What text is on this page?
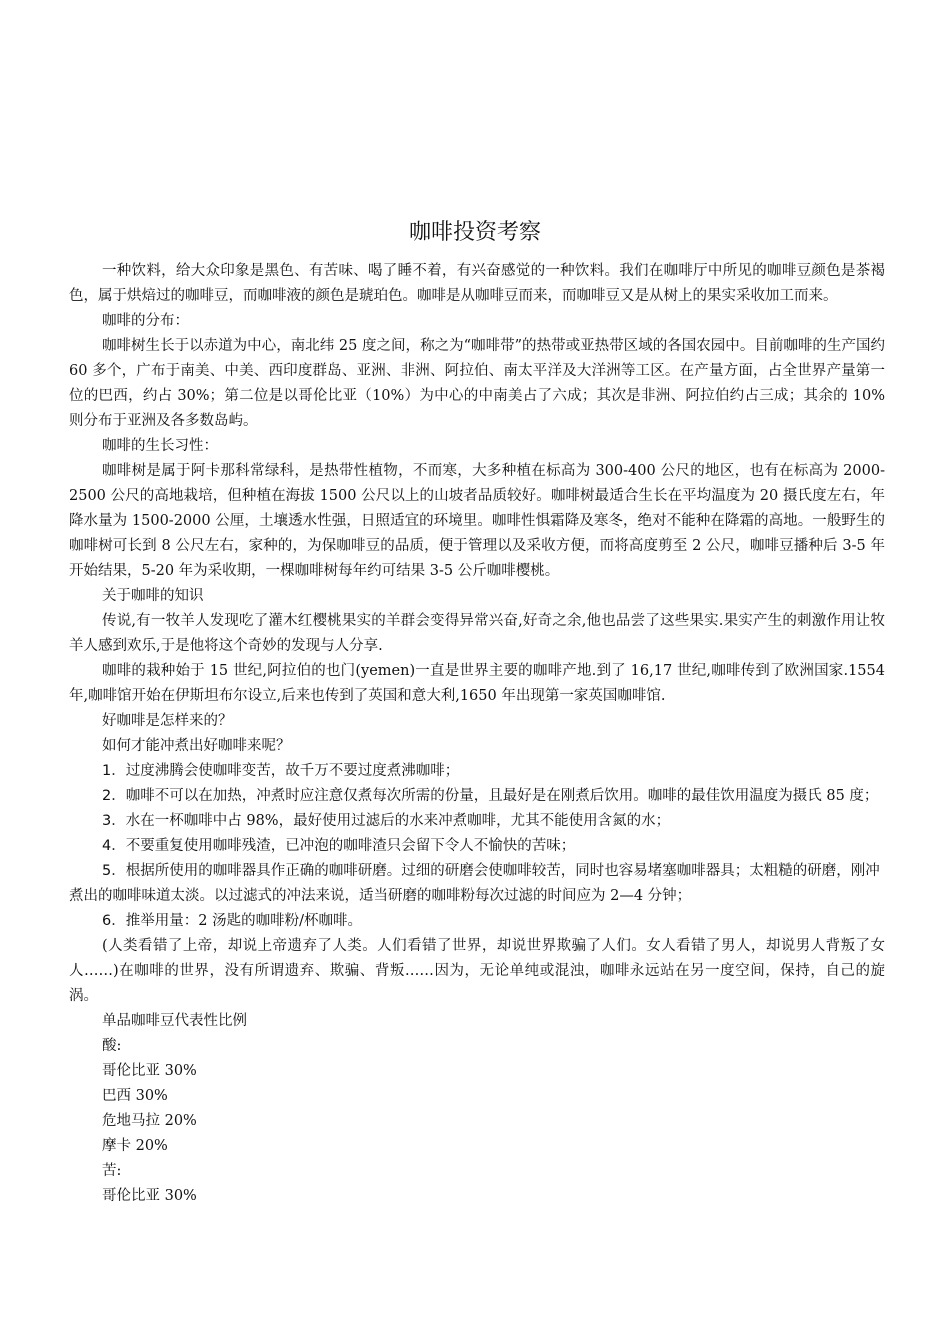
咖啡投资考察

一种饮料，给大众印象是黑色、有苦味、喝了睡不着，有兴奋感觉的一种饮料。我们在咖啡厅中所见的咖啡豆颜色是茶褐色，属于烘焙过的咖啡豆，而咖啡液的颜色是琥珀色。咖啡是从咖啡豆而来，而咖啡豆又是从树上的果实采收加工而来。

咖啡的分布：

咖啡树生长于以赤道为中心，南北纬 25 度之间，称之为“咖啡带”的热带或亚热带区域的各国农园中。目前咖啡的生产国约 60 多个，广布于南美、中美、西印度群岛、亚洲、非洲、阿拉伯、南太平洋及大洋洲等工区。在产量方面，占全世界产量第一位的巴西，约占 30%；第二位是以哥伦比亚（10%）为中心的中南美占了六成；其次是非洲、阿拉伯约占三成；其余的 10%则分布于亚洲及各多数岛屿。

咖啡的生长习性：

咖啡树是属于阿卡那科常绿科，是热带性植物，不而寒，大多种植在标高为 300-400 公尺的地区，也有在标高为 2000-2500 公尺的高地栽培，但种植在海拔 1500 公尺以上的山坡者品质较好。咖啡树最适合生长在平均温度为 20 摄氏度左右，年降水量为 1500-2000 公厘，土壤透水性强，日照适宜的环境里。咖啡性惧霜降及寒冬，绝对不能种在降霜的高地。一般野生的咖啡树可长到 8 公尺左右，家种的，为保咖啡豆的品质，便于管理以及采收方便，而将高度剪至 2 公尺，咖啡豆播种后 3-5 年开始结果，5-20 年为采收期，一棵咖啡树每年约可结果 3-5 公斤咖啡樱桃。

关于咖啡的知识

传说,有一牧羊人发现吃了灌木红樱桃果实的羊群会变得异常兴奋,好奇之余,他也品尝了这些果实.果实产生的刺激作用让牧羊人感到欢乐,于是他将这个奇妙的发现与人分享.

咖啡的栽种始于 15 世纪,阿拉伯的也门(yemen)一直是世界主要的咖啡产地.到了 16,17 世纪,咖啡传到了欧洲国家.1554 年,咖啡馆开始在伊斯坦布尔设立,后来也传到了英国和意大利,1650 年出现第一家英国咖啡馆.

好咖啡是怎样来的？

如何才能冲煮出好咖啡来呢？

1．过度沸腾会使咖啡变苦，故千万不要过度煮沸咖啡；

2．咖啡不可以在加热，冲煮时应注意仅煮每次所需的份量，且最好是在刚煮后饮用。咖啡的最佳饮用温度为摄氏 85 度；

3．水在一杯咖啡中占 98%，最好使用过滤后的水来冲煮咖啡，尤其不能使用含氮的水；

4．不要重复使用咖啡残渣，已冲泡的咖啡渣只会留下令人不愉快的苦味；

5．根据所使用的咖啡器具作正确的咖啡研磨。过细的研磨会使咖啡较苦，同时也容易堵塞咖啡器具；太粗糙的研磨，刚冲煮出的咖啡味道太淡。以过滤式的冲法来说，适当研磨的咖啡粉每次过滤的时间应为 2—4 分钟；

6．推举用量：2 汤匙的咖啡粉/杯咖啡。

(人类看错了上帝，却说上帝遗弃了人类。人们看错了世界，却说世界欺骗了人们。女人看错了男人，却说男人背叛了女人……)在咖啡的世界，没有所谓遗弃、欺骗、背叛……因为，无论单纯或混浊，咖啡永远站在另一度空间，保持，自己的旋涡。

单品咖啡豆代表性比例

酸:

哥伦比亚 30%

巴西 30%

危地马拉 20%

摩卡 20%

苦:

哥伦比亚 30%
